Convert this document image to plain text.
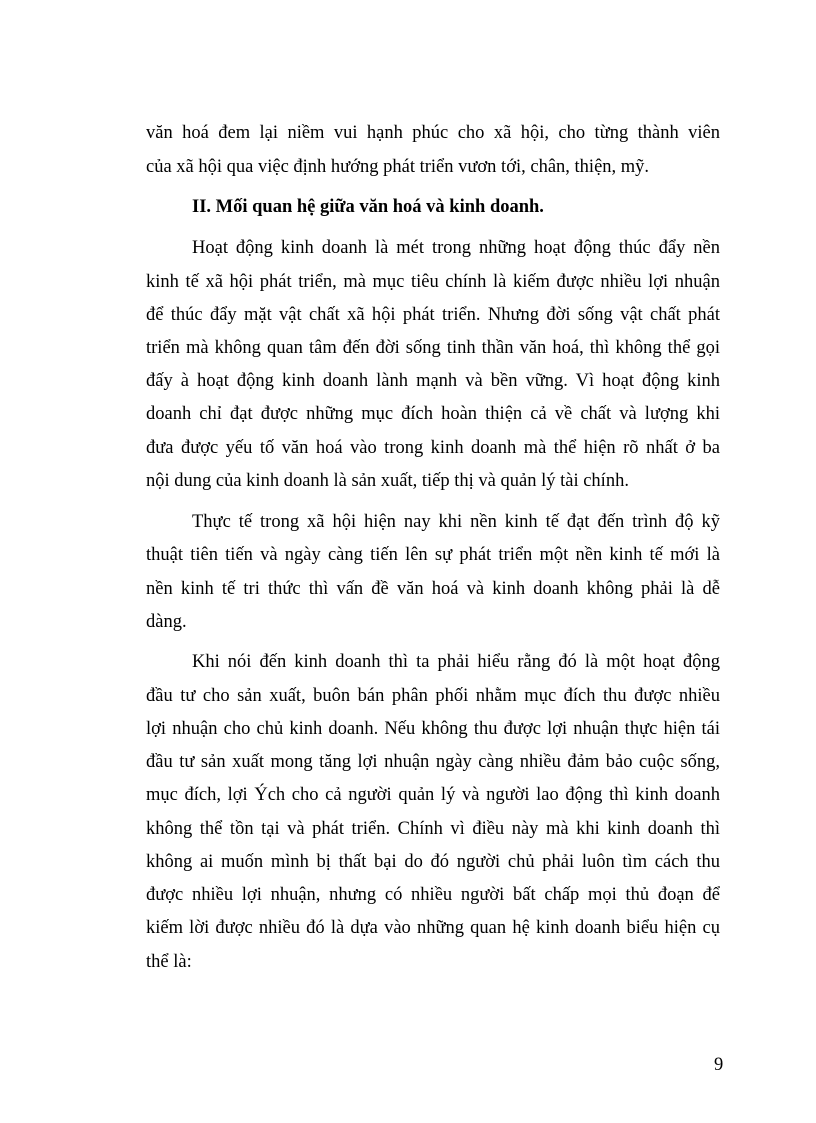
văn hoá đem lại niềm vui hạnh phúc cho xã hội, cho từng thành viên
của xã hội qua việc định hướng phát triển vươn tới, chân, thiện, mỹ.
II. Mối quan hệ giữa văn hoá và kinh doanh.
Hoạt động kinh doanh là mét trong những hoạt động thúc đẩy nền
kinh tế xã hội phát triển, mà mục tiêu chính là kiếm được nhiều lợi nhuận
để thúc đẩy mặt vật chất xã hội phát triển. Nhưng đời sống vật chất phát
triển mà không quan tâm đến đời sống tinh thần văn hoá, thì không thể gọi
đấy à hoạt động kinh doanh lành mạnh và bền vững. Vì hoạt động kinh
doanh chỉ đạt được những mục đích hoàn thiện cả về chất và lượng khi
đưa được yếu tố văn hoá vào trong kinh doanh mà thể hiện rõ nhất ở ba
nội dung của kinh doanh là sản xuất, tiếp thị và quản lý tài chính.
Thực tế trong xã hội hiện nay khi nền kinh tế đạt đến trình độ kỹ
thuật tiên tiến và ngày càng tiến lên sự phát triển một nền kinh tế mới là
nền kinh tế tri thức thì vấn đề văn hoá và kinh doanh không phải là dễ
dàng.
Khi nói đến kinh doanh thì ta phải hiểu rằng đó là một hoạt động
đầu tư cho sản xuất, buôn bán phân phối nhằm mục đích thu được nhiều
lợi nhuận cho chủ kinh doanh. Nếu không thu được lợi nhuận thực hiện tái
đầu tư sản xuất mong tăng lợi nhuận ngày càng nhiều đảm bảo cuộc sống,
mục đích, lợi Ých cho cả người quản lý và người lao động thì kinh doanh
không thể tồn tại và phát triển. Chính vì điều này mà khi kinh doanh thì
không ai muốn mình bị thất bại do đó người chủ phải luôn tìm cách thu
được nhiều lợi nhuận, nhưng có nhiều người bất chấp mọi thủ đoạn để
kiếm lời được nhiều đó là dựa vào những quan hệ kinh doanh biểu hiện cụ
thể là:
9
